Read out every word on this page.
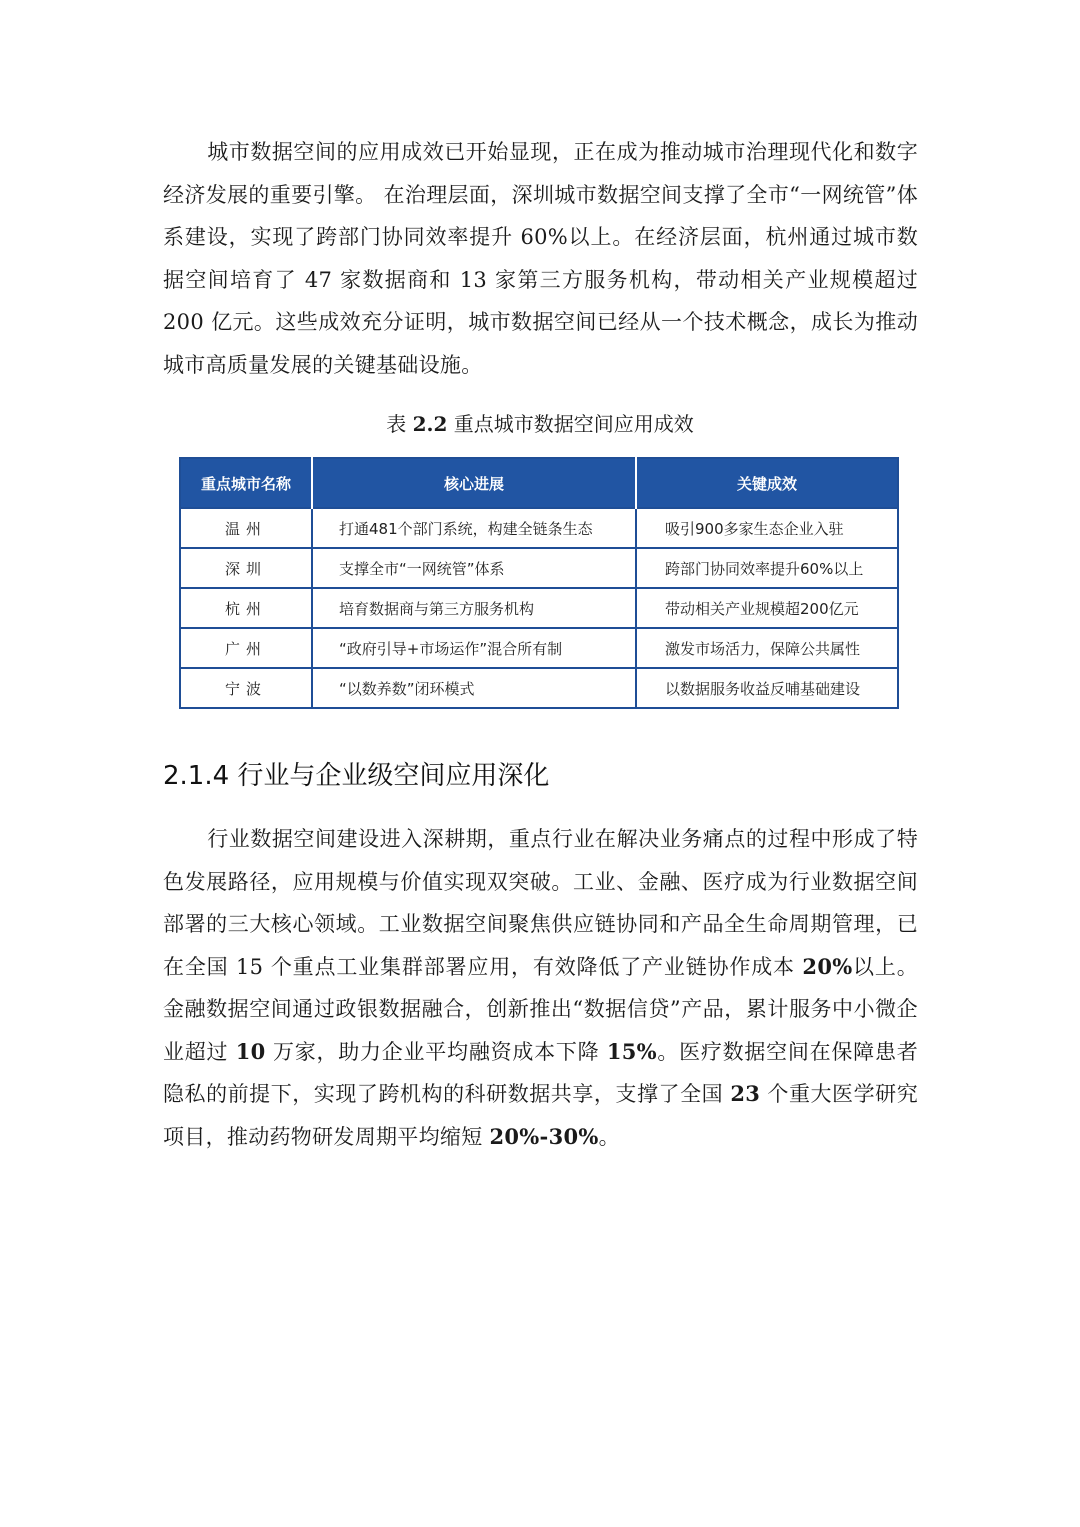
城市数据空间的应用成效已开始显现，正在成为推动城市治理现代化和数字经济发展的重要引擎。 在治理层面，深圳城市数据空间支撑了全市“一网统管”体系建设，实现了跨部门协同效率提升 60%以上。在经济层面，杭州通过城市数据空间培育了 47 家数据商和 13 家第三方服务机构，带动相关产业规模超过 200 亿元。这些成效充分证明，城市数据空间已经从一个技术概念，成长为推动城市高质量发展的关键基础设施。

表 2.2 重点城市数据空间应用成效
重点城市名称	核心进展	关键成效
温州	打通481个部门系统，构建全链条生态	吸引900多家生态企业入驻
深圳	支撑全市“一网统管”体系	跨部门协同效率提升60%以上
杭州	培育数据商与第三方服务机构	带动相关产业规模超200亿元
广州	“政府引导+市场运作”混合所有制	激发市场活力，保障公共属性
宁波	“以数养数”闭环模式	以数据服务收益反哺基础建设
2.1.4 行业与企业级空间应用深化

行业数据空间建设进入深耕期，重点行业在解决业务痛点的过程中形成了特色发展路径，应用规模与价值实现双突破。工业、金融、医疗成为行业数据空间部署的三大核心领域。工业数据空间聚焦供应链协同和产品全生命周期管理，已在全国 15 个重点工业集群部署应用，有效降低了产业链协作成本 20%以上。金融数据空间通过政银数据融合，创新推出“数据信贷”产品，累计服务中小微企业超过 10 万家，助力企业平均融资成本下降 15%。医疗数据空间在保障患者隐私的前提下，实现了跨机构的科研数据共享，支撑了全国 23 个重大医学研究项目，推动药物研发周期平均缩短 20%-30%。
